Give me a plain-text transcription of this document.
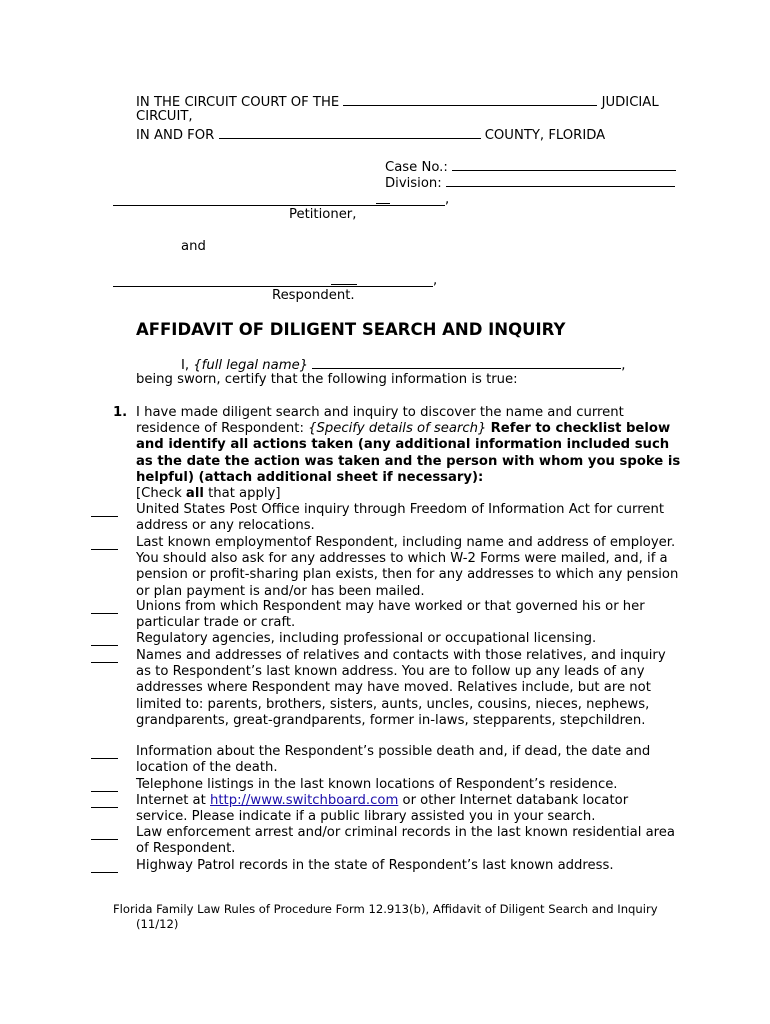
IN THE CIRCUIT COURT OF THE	JUDICIAL
CIRCUIT,
IN AND FOR	COUNTY, FLORIDA
Case No.:
Division:
,
Petitioner,
and
,
Respondent.
AFFIDAVIT OF DILIGENT SEARCH AND INQUIRY
I, {full legal name}	,
being sworn, certify that the following information is true:
1. I have made diligent search and inquiry to discover the name and current residence of Respondent: {Specify details of search} Refer to checklist below and identify all actions taken (any additional information included such as the date the action was taken and the person with whom you spoke is helpful) (attach additional sheet if necessary):
[Check all that apply]
United States Post Office inquiry through Freedom of Information Act for current address or any relocations.
Last known employmentof Respondent, including name and address of employer. You should also ask for any addresses to which W-2 Forms were mailed, and, if a pension or profit-sharing plan exists, then for any addresses to which any pension or plan payment is and/or has been mailed.
Unions from which Respondent may have worked or that governed his or her particular trade or craft.
Regulatory agencies, including professional or occupational licensing.
Names and addresses of relatives and contacts with those relatives, and inquiry as to Respondent’s last known address. You are to follow up any leads of any addresses where Respondent may have moved. Relatives include, but are not limited to: parents, brothers, sisters, aunts, uncles, cousins, nieces, nephews, grandparents, great-grandparents, former in-laws, stepparents, stepchildren.
Information about the Respondent’s possible death and, if dead, the date and location of the death.
Telephone listings in the last known locations of Respondent’s residence.
Internet at http://www.switchboard.com or other Internet databank locator service. Please indicate if a public library assisted you in your search.
Law enforcement arrest and/or criminal records in the last known residential area of Respondent.
Highway Patrol records in the state of Respondent’s last known address.
Florida Family Law Rules of Procedure Form 12.913(b), Affidavit of Diligent Search and Inquiry (11/12)
